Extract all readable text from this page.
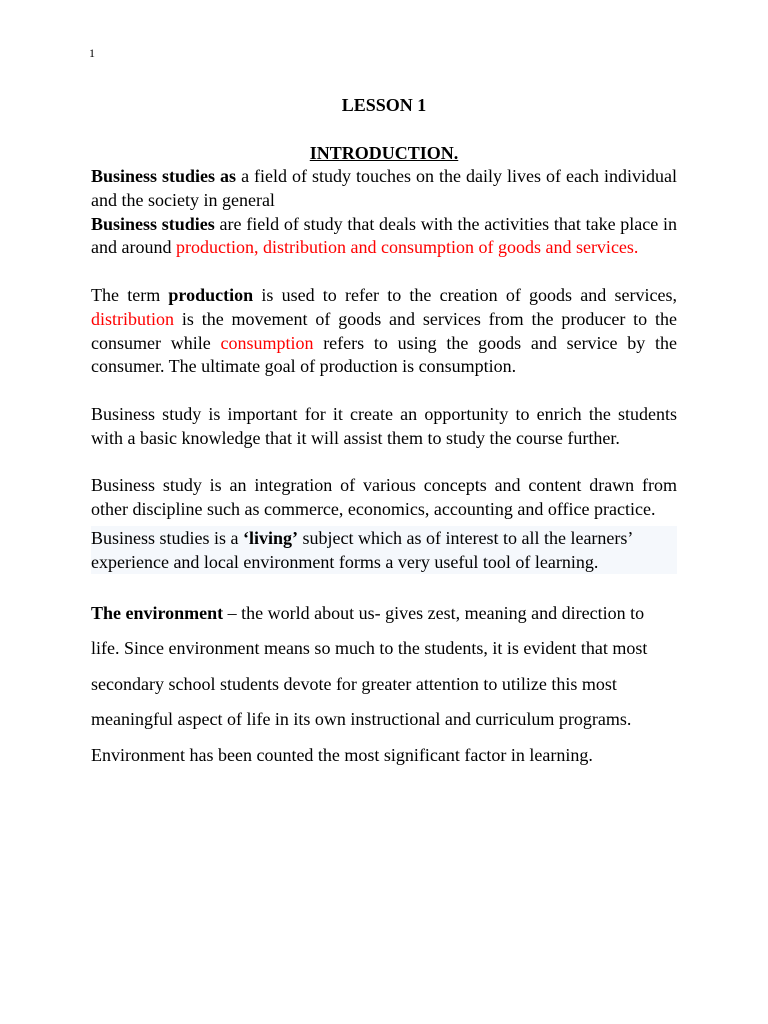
1
LESSON 1
INTRODUCTION.

Business studies as a field of study touches on the daily lives of each individual and the society in general

Business studies are field of study that deals with the activities that take place in and around production, distribution and consumption of goods and services.

The term production is used to refer to the creation of goods and services, distribution is the movement of goods and services from the producer to the consumer while consumption refers to using the goods and service by the consumer. The ultimate goal of production is consumption.

Business study is important for it create an opportunity to enrich the students with a basic knowledge that it will assist them to study the course further.

Business study is an integration of various concepts and content drawn from other discipline such as commerce, economics, accounting and office practice.

Business studies is a ‘living’ subject which as of interest to all the learners’ experience and local environment forms a very useful tool of learning.

The environment – the world about us- gives zest, meaning and direction to life. Since environment means so much to the students, it is evident that most secondary school students devote for greater attention to utilize this most meaningful aspect of life in its own instructional and curriculum programs. Environment has been counted the most significant factor in learning.
